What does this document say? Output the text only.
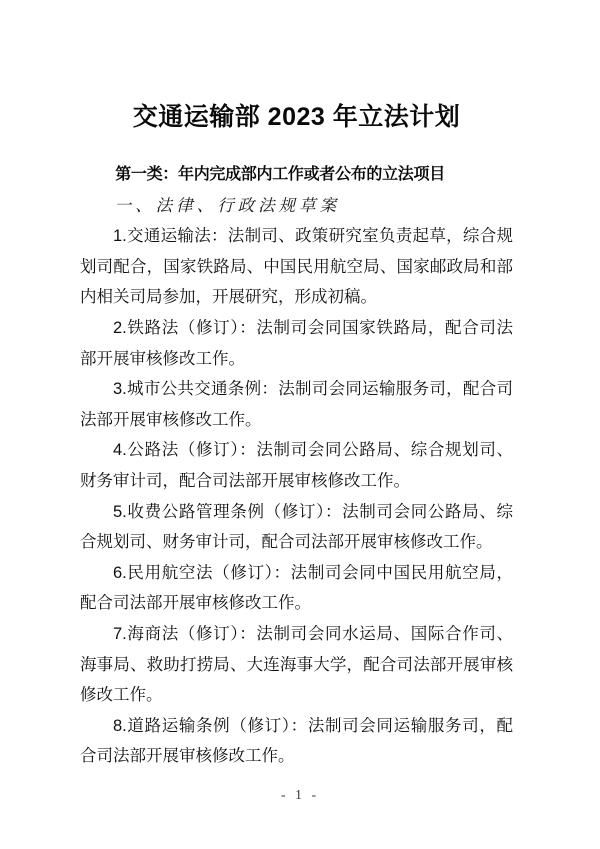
交通运输部 2023 年立法计划

第一类：年内完成部内工作或者公布的立法项目

一、法律、行政法规草案

1.交通运输法：法制司、政策研究室负责起草，综合规划司配合，国家铁路局、中国民用航空局、国家邮政局和部内相关司局参加，开展研究，形成初稿。

2.铁路法（修订）：法制司会同国家铁路局，配合司法部开展审核修改工作。

3.城市公共交通条例：法制司会同运输服务司，配合司法部开展审核修改工作。

4.公路法（修订）：法制司会同公路局、综合规划司、财务审计司，配合司法部开展审核修改工作。

5.收费公路管理条例（修订）：法制司会同公路局、综合规划司、财务审计司，配合司法部开展审核修改工作。

6.民用航空法（修订）：法制司会同中国民用航空局，配合司法部开展审核修改工作。

7.海商法（修订）：法制司会同水运局、国际合作司、海事局、救助打捞局、大连海事大学，配合司法部开展审核修改工作。

8.道路运输条例（修订）：法制司会同运输服务司，配合司法部开展审核修改工作。

- 1 -
